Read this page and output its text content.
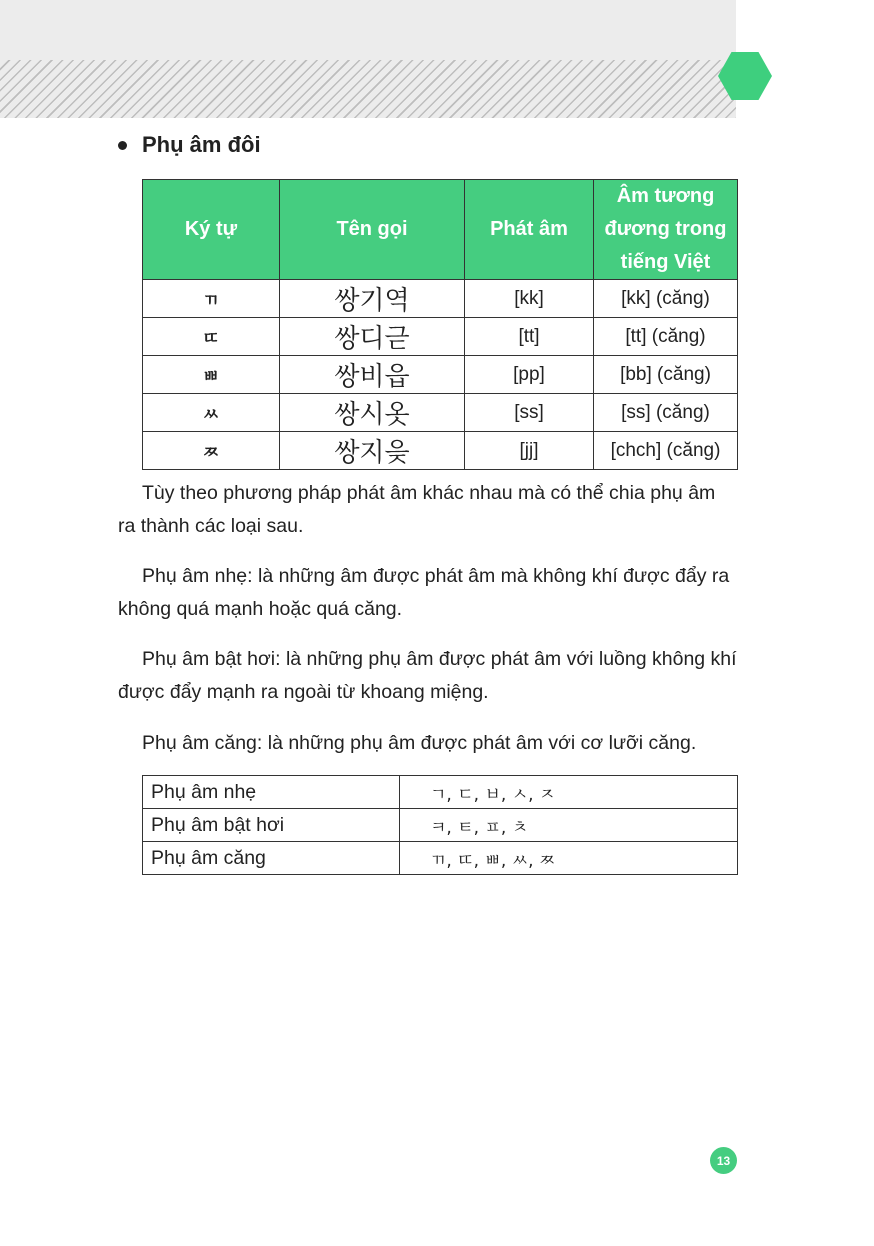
Phụ âm đôi
Ký tự	Tên gọi	Phát âm	Âm tương đương trong tiếng Việt
ㄲ	쌍기역	[kk]	[kk] (căng)
ㄸ	쌍디귿	[tt]	[tt] (căng)
ㅃ	쌍비읍	[pp]	[bb] (căng)
ㅆ	쌍시옷	[ss]	[ss] (căng)
ㅉ	쌍지읒	[jj]	[chch] (căng)

Tùy theo phương pháp phát âm khác nhau mà có thể chia phụ âm ra thành các loại sau.

Phụ âm nhẹ: là những âm được phát âm mà không khí được đẩy ra không quá mạnh hoặc quá căng.

Phụ âm bật hơi: là những phụ âm được phát âm với luồng không khí được đẩy mạnh ra ngoài từ khoang miệng.

Phụ âm căng: là những phụ âm được phát âm với cơ lưỡi căng.

Phụ âm nhẹ	ㄱ, ㄷ, ㅂ, ㅅ, ㅈ
Phụ âm bật hơi	ㅋ, ㅌ, ㅍ, ㅊ
Phụ âm căng	ㄲ, ㄸ, ㅃ, ㅆ, ㅉ
13
